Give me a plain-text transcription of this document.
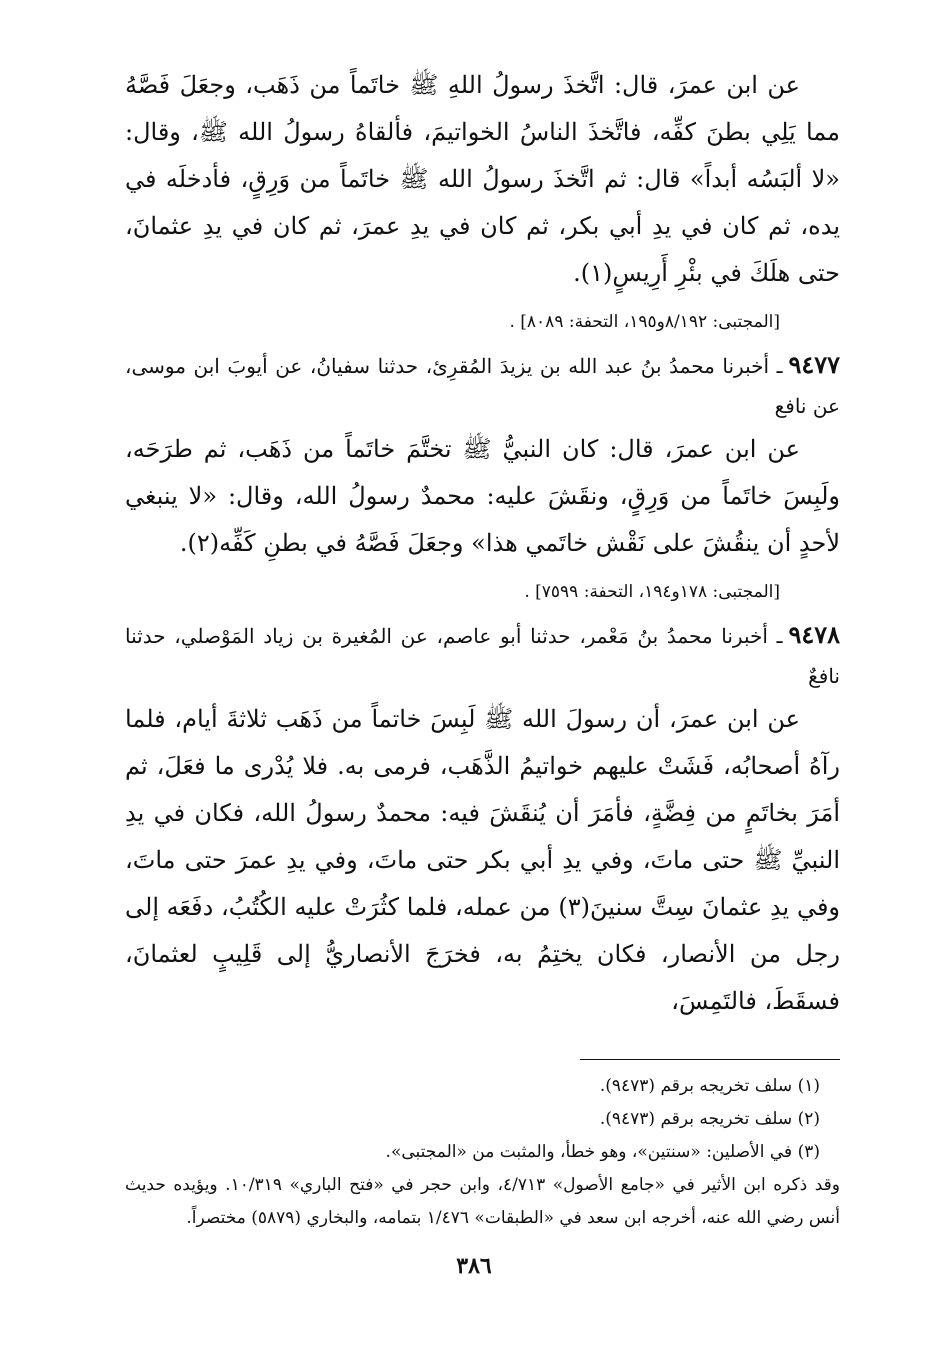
عن ابن عمرَ، قال: اتَّخذَ رسولُ اللهِ ﷺ خاتَماً من ذَهَب، وجعَلَ فَصَّهُ مما يَلِي بطنَ كفِّه، فاتَّخذَ الناسُ الخواتيمَ، فألقاهُ رسولُ الله ﷺ، وقال: «لا ألبَسُه أبداً» قال: ثم اتَّخذَ رسولُ الله ﷺ خاتَماً من وَرِقٍ، فأدخلَه في يده، ثم كان في يدِ أبي بكر، ثم كان في يدِ عمرَ، ثم كان في يدِ عثمانَ، حتى هلَكَ في بئْرِ أَرِيسٍ(١).

[المجتبى: ٨/١٩٢و١٩٥، التحفة: ٨٠٨٩] .

٩٤٧٧ـ أخبرنا محمدُ بنُ عبد الله بن يزيدَ المُقرِئ، حدثنا سفيانُ، عن أيوبَ ابن موسى، عن نافع

عن ابن عمرَ، قال: كان النبيُّ ﷺ تختَّمَ خاتَماً من ذَهَب، ثم طرَحَه، ولَبِسَ خاتَماً من وَرِقٍ، ونقَشَ عليه: محمدٌ رسولُ الله، وقال: «لا ينبغي لأحدٍ أن ينقُشَ على نَقْش خاتَمي هذا» وجعَلَ فَصَّهُ في بطنِ كَفِّه(٢).

[المجتبى: ١٧٨و١٩٤، التحفة: ٧٥٩٩] .

٩٤٧٨ـ أخبرنا محمدُ بنُ مَعْمر، حدثنا أبو عاصم، عن المُغيرة بن زياد المَوْصلي، حدثنا نافعٌ

عن ابن عمرَ، أن رسولَ الله ﷺ لَبِسَ خاتماً من ذَهَب ثلاثةَ أيام، فلما رآهُ أصحابُه، فَشَتْ عليهم خواتيمُ الذَّهَب، فرمى به. فلا يُدْرى ما فعَلَ، ثم أمَرَ بخاتَمٍ من فِضَّةٍ، فأمَرَ أن يُنقَشَ فيه: محمدٌ رسولُ الله، فكان في يدِ النبيِّ ﷺ حتى ماتَ، وفي يدِ أبي بكر حتى ماتَ، وفي يدِ عمرَ حتى ماتَ، وفي يدِ عثمانَ سِتَّ سنينَ(٣) من عمله، فلما كثُرَتْ عليه الكُتُبُ، دفَعَه إلى رجل من الأنصار، فكان يختِمُ به، فخرَجَ الأنصاريُّ إلى قَلِيبٍ لعثمانَ، فسقَطَ، فالتَمِسَ،

(١) سلف تخريجه برقم (٩٤٧٣).

(٢) سلف تخريجه برقم (٩٤٧٣).

(٣) في الأصلين: «سنتين»، وهو خطأ، والمثبت من «المجتبى».

وقد ذكره ابن الأثير في «جامع الأصول» ٤/٧١٣، وابن حجر في «فتح الباري» ١٠/٣١٩. ويؤيده حديث أنس رضي الله عنه، أخرجه ابن سعد في «الطبقات» ١/٤٧٦ بتمامه، والبخاري (٥٨٧٩) مختصراً.

٣٨٦
